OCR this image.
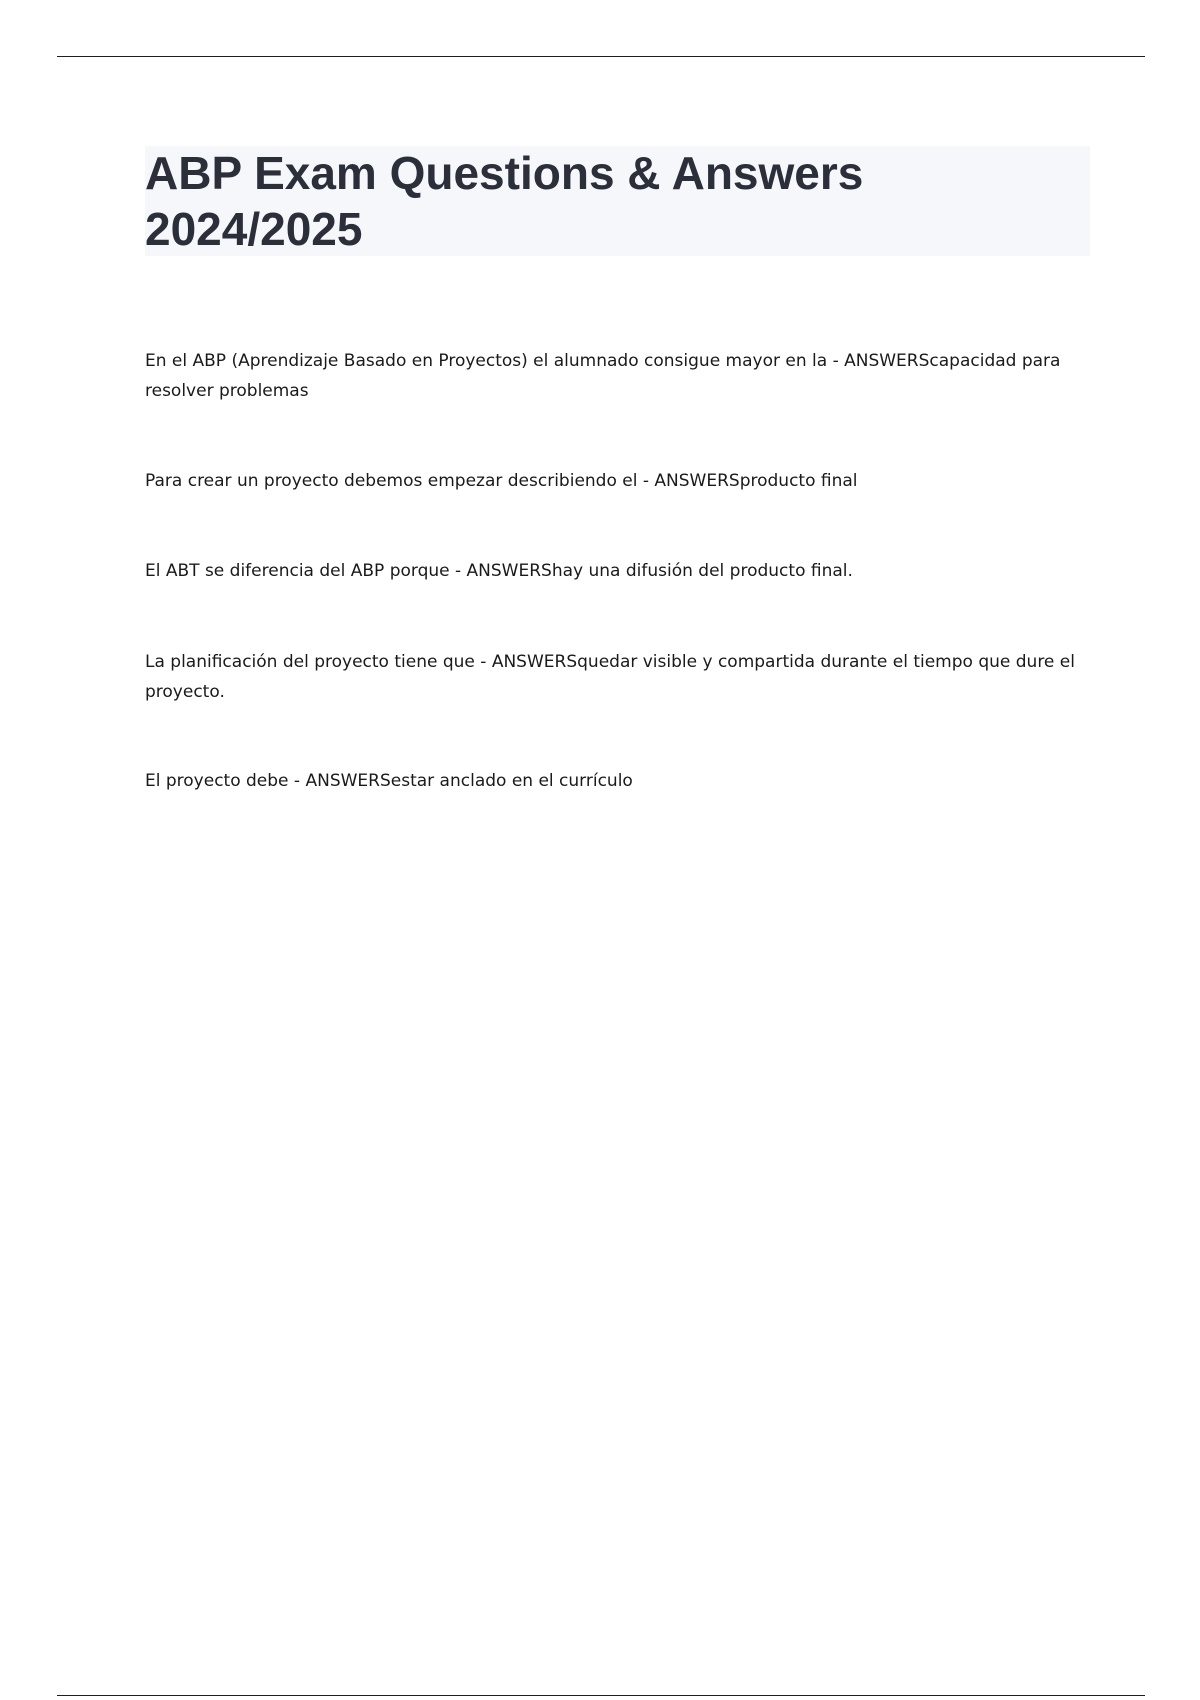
ABP Exam Questions & Answers 2024/2025

En el ABP (Aprendizaje Basado en Proyectos) el alumnado consigue mayor en la - ANSWERScapacidad para resolver problemas

Para crear un proyecto debemos empezar describiendo el - ANSWERSproducto final

El ABT se diferencia del ABP porque - ANSWERShay una difusión del producto final.

La planificación del proyecto tiene que - ANSWERSquedar visible y compartida durante el tiempo que dure el proyecto.

El proyecto debe - ANSWERSestar anclado en el currículo
